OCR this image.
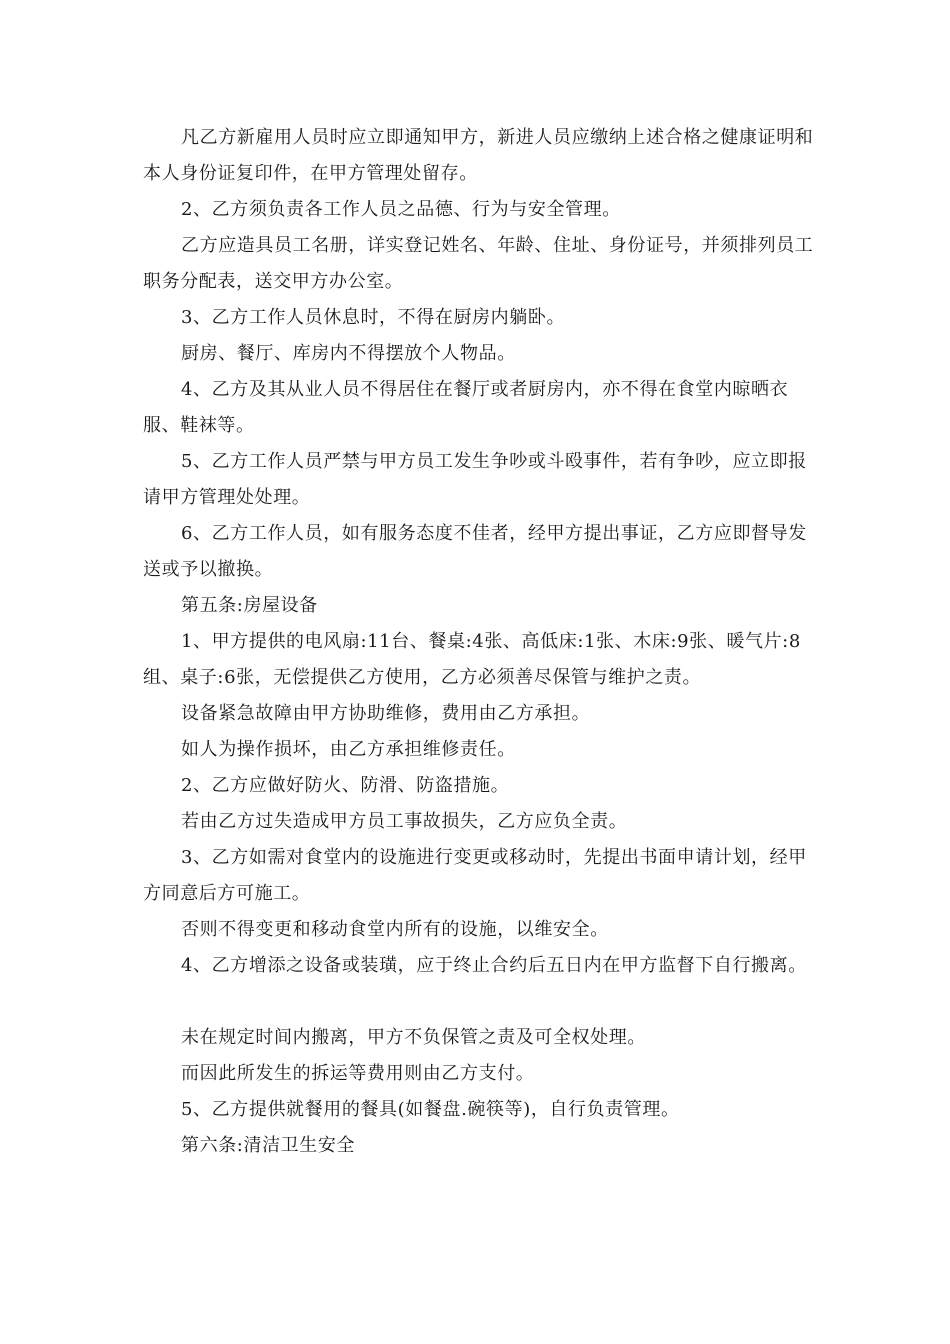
凡乙方新雇用人员时应立即通知甲方，新进人员应缴纳上述合格之健康证明和本人身份证复印件，在甲方管理处留存。

2、乙方须负责各工作人员之品德、行为与安全管理。

乙方应造具员工名册，详实登记姓名、年龄、住址、身份证号，并须排列员工职务分配表，送交甲方办公室。

3、乙方工作人员休息时，不得在厨房内躺卧。

厨房、餐厅、库房内不得摆放个人物品。

4、乙方及其从业人员不得居住在餐厅或者厨房内，亦不得在食堂内晾晒衣服、鞋袜等。

5、乙方工作人员严禁与甲方员工发生争吵或斗殴事件，若有争吵，应立即报请甲方管理处处理。

6、乙方工作人员，如有服务态度不佳者，经甲方提出事证，乙方应即督导发送或予以撤换。

第五条:房屋设备

1、甲方提供的电风扇:11台、餐桌:4张、高低床:1张、木床:9张、暖气片:8组、桌子:6张，无偿提供乙方使用，乙方必须善尽保管与维护之责。

设备紧急故障由甲方协助维修，费用由乙方承担。

如人为操作损坏，由乙方承担维修责任。

2、乙方应做好防火、防滑、防盗措施。

若由乙方过失造成甲方员工事故损失，乙方应负全责。

3、乙方如需对食堂内的设施进行变更或移动时，先提出书面申请计划，经甲方同意后方可施工。

否则不得变更和移动食堂内所有的设施，以维安全。

4、乙方增添之设备或装璜，应于终止合约后五日内在甲方监督下自行搬离。

未在规定时间内搬离，甲方不负保管之责及可全权处理。

而因此所发生的拆运等费用则由乙方支付。

5、乙方提供就餐用的餐具(如餐盘.碗筷等)，自行负责管理。

第六条:清洁卫生安全
